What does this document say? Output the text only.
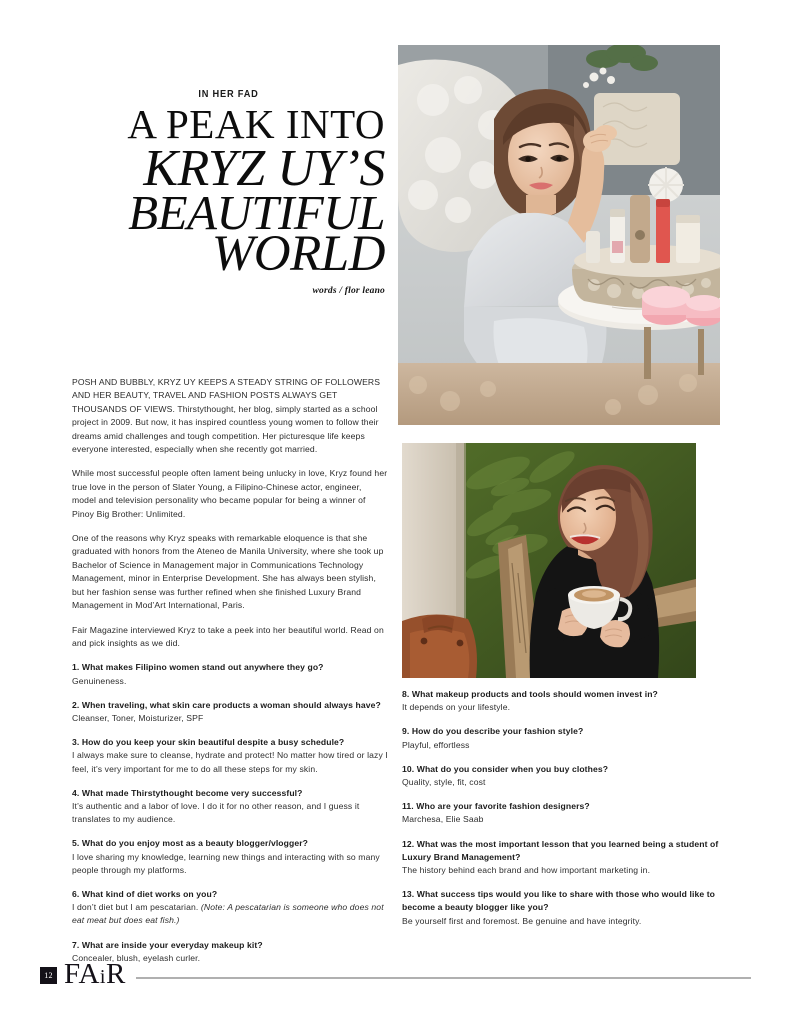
IN HER FAD
A PEAK INTO
KRYZ UY’S
BEAUTIFUL
WORLD
words / flor leano

POSH AND BUBBLY, KRYZ UY KEEPS A STEADY STRING OF FOLLOWERS AND HER BEAUTY, TRAVEL AND FASHION POSTS ALWAYS GET THOUSANDS OF VIEWS. Thirstythought, her blog, simply started as a school project in 2009. But now, it has inspired countless young women to follow their dreams amid challenges and tough competition. Her picturesque life keeps everyone interested, especially when she recently got married.

While most successful people often lament being unlucky in love, Kryz found her true love in the person of Slater Young, a Filipino-Chinese actor, engineer, model and television personality who became popular for being a winner of Pinoy Big Brother: Unlimited.

One of the reasons why Kryz speaks with remarkable eloquence is that she graduated with honors from the Ateneo de Manila University, where she took up Bachelor of Science in Management major in Communications Technology Management, minor in Enterprise Development. She has always been stylish, but her fashion sense was further refined when she finished Luxury Brand Management in Mod’Art International, Paris.

Fair Magazine interviewed Kryz to take a peek into her beautiful world. Read on and pick insights as we did.

1. What makes Filipino women stand out anywhere they go?

Genuineness.

2. When traveling, what skin care products a woman should always have?

Cleanser, Toner, Moisturizer, SPF

3. How do you keep your skin beautiful despite a busy schedule?

I always make sure to cleanse, hydrate and protect! No matter how tired or lazy I feel, it’s very important for me to do all these steps for my skin.

4. What made Thirstythought become very successful?

It’s authentic and a labor of love. I do it for no other reason, and I guess it translates to my audience.

5. What do you enjoy most as a beauty blogger/vlogger?

I love sharing my knowledge, learning new things and interacting with so many people through my platforms.

6. What kind of diet works on you?

I don’t diet but I am pescatarian. (Note: A pescatarian is someone who does not eat meat but does eat fish.)

7. What are inside your everyday makeup kit?

Concealer, blush, eyelash curler.

8. What makeup products and tools should women invest in?

It depends on your lifestyle.

9. How do you describe your fashion style?

Playful, effortless

10. What do you consider when you buy clothes?

Quality, style, fit, cost

11. Who are your favorite fashion designers?

Marchesa, Elie Saab

12. What was the most important lesson that you learned being a student of Luxury Brand Management?

The history behind each brand and how important marketing in.

13. What success tips would you like to share with those who would like to become a beauty blogger like you?

Be yourself first and foremost. Be genuine and have integrity.

12 FAiR
